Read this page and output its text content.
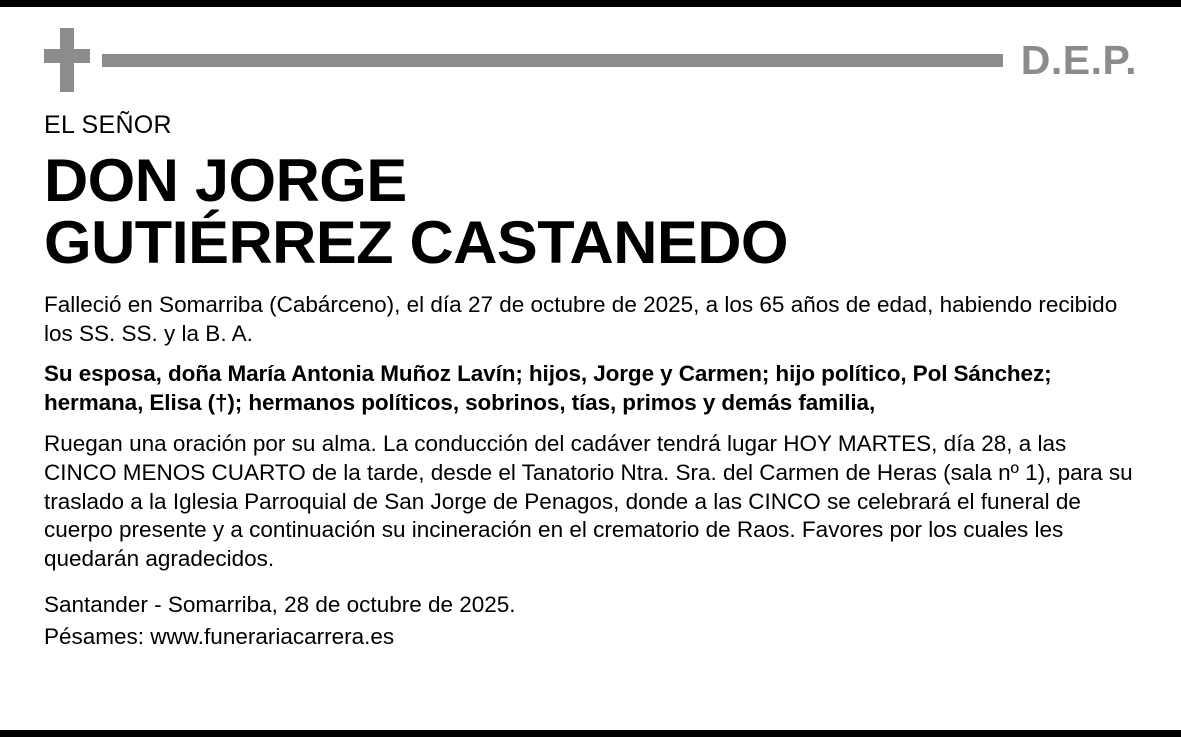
D.E.P.
EL SEÑOR
DON JORGE
GUTIÉRREZ CASTANEDO
Falleció en Somarriba (Cabárceno), el día 27 de octubre de 2025, a los 65 años de edad, habiendo recibido los SS. SS. y la B. A.
Su esposa, doña María Antonia Muñoz Lavín; hijos, Jorge y Carmen; hijo político, Pol Sánchez; hermana, Elisa (†); hermanos políticos, sobrinos, tías, primos y demás familia,
Ruegan una oración por su alma. La conducción del cadáver tendrá lugar HOY MARTES, día 28, a las CINCO MENOS CUARTO de la tarde, desde el Tanatorio Ntra. Sra. del Carmen de Heras (sala nº 1), para su traslado a la Iglesia Parroquial de San Jorge de Penagos, donde a las CINCO se celebrará el funeral de cuerpo presente y a continuación su incineración en el crematorio de Raos. Favores por los cuales les quedarán agradecidos.
Santander - Somarriba, 28 de octubre de 2025.
Pésames: www.funerariacarrera.es
